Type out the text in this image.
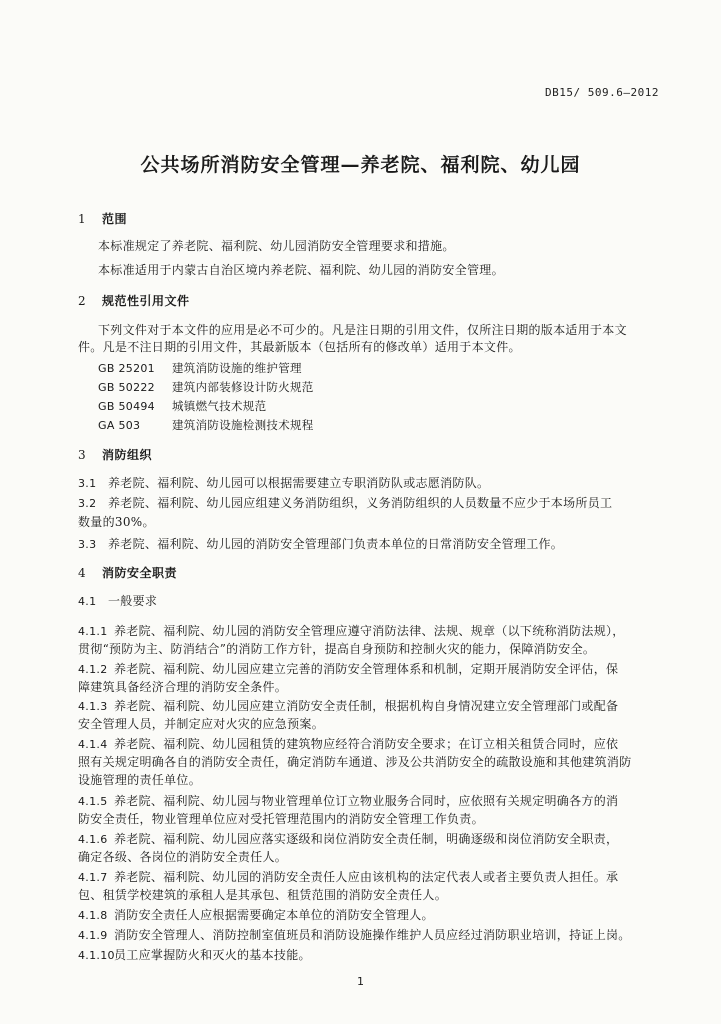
DB15/ 509.6—2012
公共场所消防安全管理—养老院、福利院、幼儿园
1 范围
本标准规定了养老院、福利院、幼儿园消防安全管理要求和措施。
本标准适用于内蒙古自治区境内养老院、福利院、幼儿园的消防安全管理。
2 规范性引用文件
下列文件对于本文件的应用是必不可少的。凡是注日期的引用文件，仅所注日期的版本适用于本文
件。凡是不注日期的引用文件，其最新版本（包括所有的修改单）适用于本文件。
GB 25201 建筑消防设施的维护管理
GB 50222 建筑内部装修设计防火规范
GB 50494 城镇燃气技术规范
GA 503	建筑消防设施检测技术规程
3 消防组织
3.1 养老院、福利院、幼儿园可以根据需要建立专职消防队或志愿消防队。
3.2 养老院、福利院、幼儿园应组建义务消防组织，义务消防组织的人员数量不应少于本场所员工
数量的30%。
3.3 养老院、福利院、幼儿园的消防安全管理部门负责本单位的日常消防安全管理工作。
4 消防安全职责
4.1 一般要求
4.1.1 养老院、福利院、幼儿园的消防安全管理应遵守消防法律、法规、规章（以下统称消防法规），
贯彻“预防为主、防消结合”的消防工作方针，提高自身预防和控制火灾的能力，保障消防安全。
4.1.2 养老院、福利院、幼儿园应建立完善的消防安全管理体系和机制，定期开展消防安全评估，保
障建筑具备经济合理的消防安全条件。
4.1.3 养老院、福利院、幼儿园应建立消防安全责任制，根据机构自身情况建立安全管理部门或配备
安全管理人员，并制定应对火灾的应急预案。
4.1.4 养老院、福利院、幼儿园租赁的建筑物应经符合消防安全要求；在订立相关租赁合同时，应依
照有关规定明确各自的消防安全责任，确定消防车通道、涉及公共消防安全的疏散设施和其他建筑消防
设施管理的责任单位。
4.1.5 养老院、福利院、幼儿园与物业管理单位订立物业服务合同时，应依照有关规定明确各方的消
防安全责任，物业管理单位应对受托管理范围内的消防安全管理工作负责。
4.1.6 养老院、福利院、幼儿园应落实逐级和岗位消防安全责任制，明确逐级和岗位消防安全职责，
确定各级、各岗位的消防安全责任人。
4.1.7 养老院、福利院、幼儿园的消防安全责任人应由该机构的法定代表人或者主要负责人担任。承
包、租赁学校建筑的承租人是其承包、租赁范围的消防安全责任人。
4.1.8 消防安全责任人应根据需要确定本单位的消防安全管理人。
4.1.9 消防安全管理人、消防控制室值班员和消防设施操作维护人员应经过消防职业培训，持证上岗。
4.1.10员工应掌握防火和灭火的基本技能。
1
